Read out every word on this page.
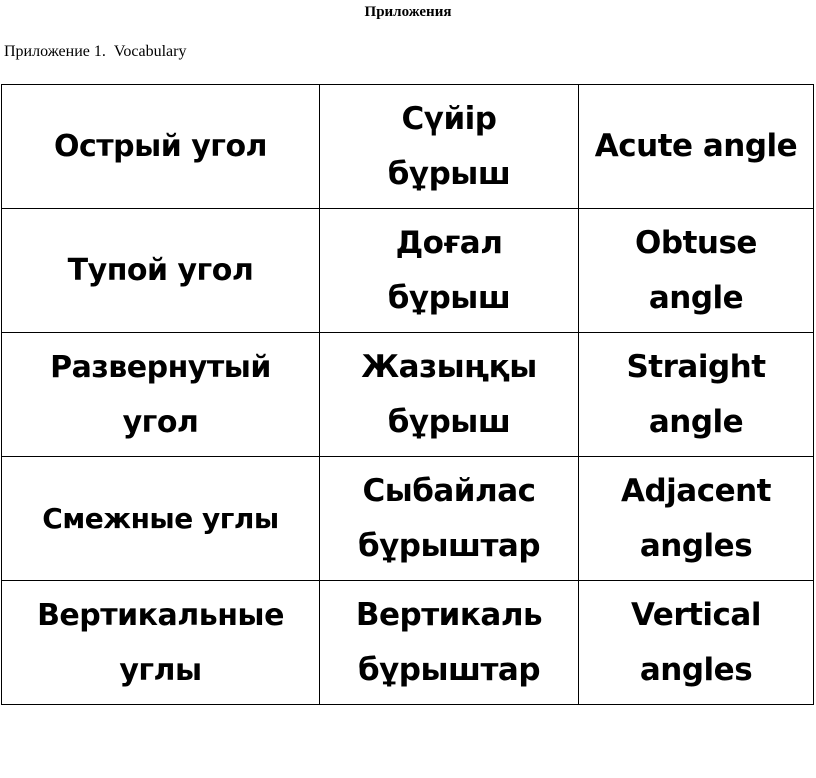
Приложения
Приложение 1.  Vocabulary
Острый угол	Сүйір бұрыш	Acute angle
Тупой угол	Доғал бұрыш	Obtuse angle
Развернутый угол	Жазыңқы бұрыш	Straight angle
Смежные углы	Сыбайлас бұрыштар	Adjacent angles
Вертикальные углы	Вертикаль бұрыштар	Vertical angles
